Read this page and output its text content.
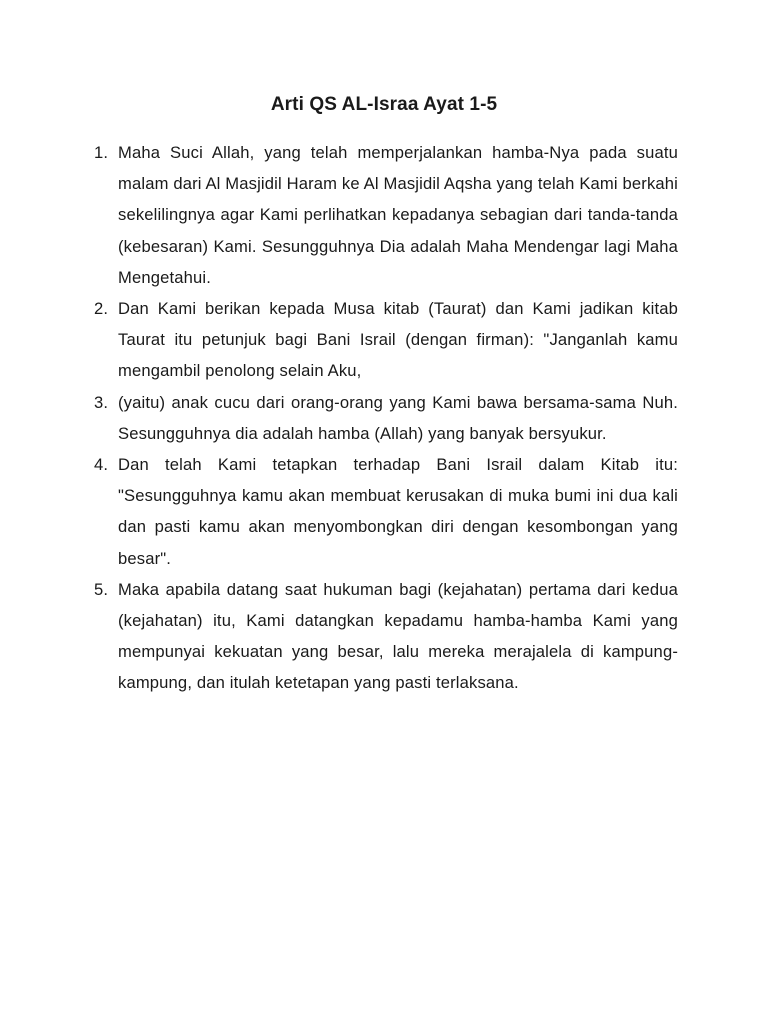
Arti QS AL-Israa Ayat 1-5
1. Maha Suci Allah, yang telah memperjalankan hamba-Nya pada suatu malam dari Al Masjidil Haram ke Al Masjidil Aqsha yang telah Kami berkahi sekelilingnya agar Kami perlihatkan kepadanya sebagian dari tanda-tanda (kebesaran) Kami. Sesungguhnya Dia adalah Maha Mendengar lagi Maha Mengetahui.
2. Dan Kami berikan kepada Musa kitab (Taurat) dan Kami jadikan kitab Taurat itu petunjuk bagi Bani Israil (dengan firman): "Janganlah kamu mengambil penolong selain Aku,
3. (yaitu) anak cucu dari orang-orang yang Kami bawa bersama-sama Nuh. Sesungguhnya dia adalah hamba (Allah) yang banyak bersyukur.
4. Dan telah Kami tetapkan terhadap Bani Israil dalam Kitab itu: "Sesungguhnya kamu akan membuat kerusakan di muka bumi ini dua kali dan pasti kamu akan menyombongkan diri dengan kesombongan yang besar".
5. Maka apabila datang saat hukuman bagi (kejahatan) pertama dari kedua (kejahatan) itu, Kami datangkan kepadamu hamba-hamba Kami yang mempunyai kekuatan yang besar, lalu mereka merajalela di kampung-kampung, dan itulah ketetapan yang pasti terlaksana.
